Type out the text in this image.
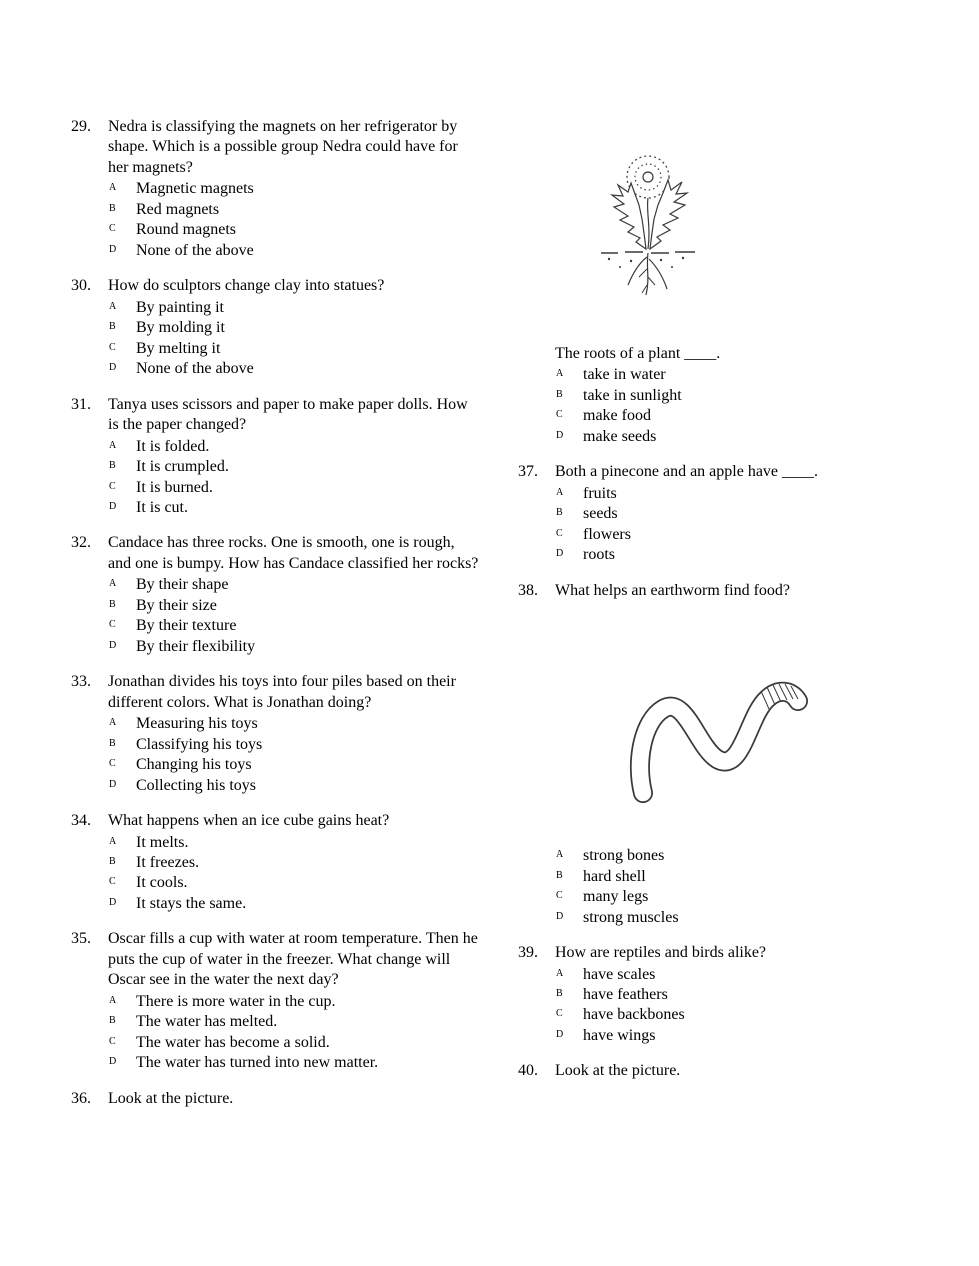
29.	Nedra is classifying the magnets on her refrigerator by shape. Which is a possible group Nedra could have for her magnets?
A	Magnetic magnets
B	Red magnets
C	Round magnets
D	None of the above
30.	How do sculptors change clay into statues?
A	By painting it
B	By molding it
C	By melting it
D	None of the above
31.	Tanya uses scissors and paper to make paper dolls. How is the paper changed?
A	It is folded.
B	It is crumpled.
C	It is burned.
D	It is cut.
32.	Candace has three rocks. One is smooth, one is rough, and one is bumpy. How has Candace classified her rocks?
A	By their shape
B	By their size
C	By their texture
D	By their flexibility
33.	Jonathan divides his toys into four piles based on their different colors. What is Jonathan doing?
A	Measuring his toys
B	Classifying his toys
C	Changing his toys
D	Collecting his toys
34.	What happens when an ice cube gains heat?
A	It melts.
B	It freezes.
C	It cools.
D	It stays the same.
35.	Oscar fills a cup with water at room temperature. Then he puts the cup of water in the freezer. What change will Oscar see in the water the next day?
A	There is more water in the cup.
B	The water has melted.
C	The water has become a solid.
D	The water has turned into new matter.
36.	Look at the picture.
The roots of a plant ____.
A	take in water
B	take in sunlight
C	make food
D	make seeds
37.	Both a pinecone and an apple have ____.
A	fruits
B	seeds
C	flowers
D	roots
38.	What helps an earthworm find food?
A	strong bones
B	hard shell
C	many legs
D	strong muscles
39.	How are reptiles and birds alike?
A	have scales
B	have feathers
C	have backbones
D	have wings
40.	Look at the picture.
